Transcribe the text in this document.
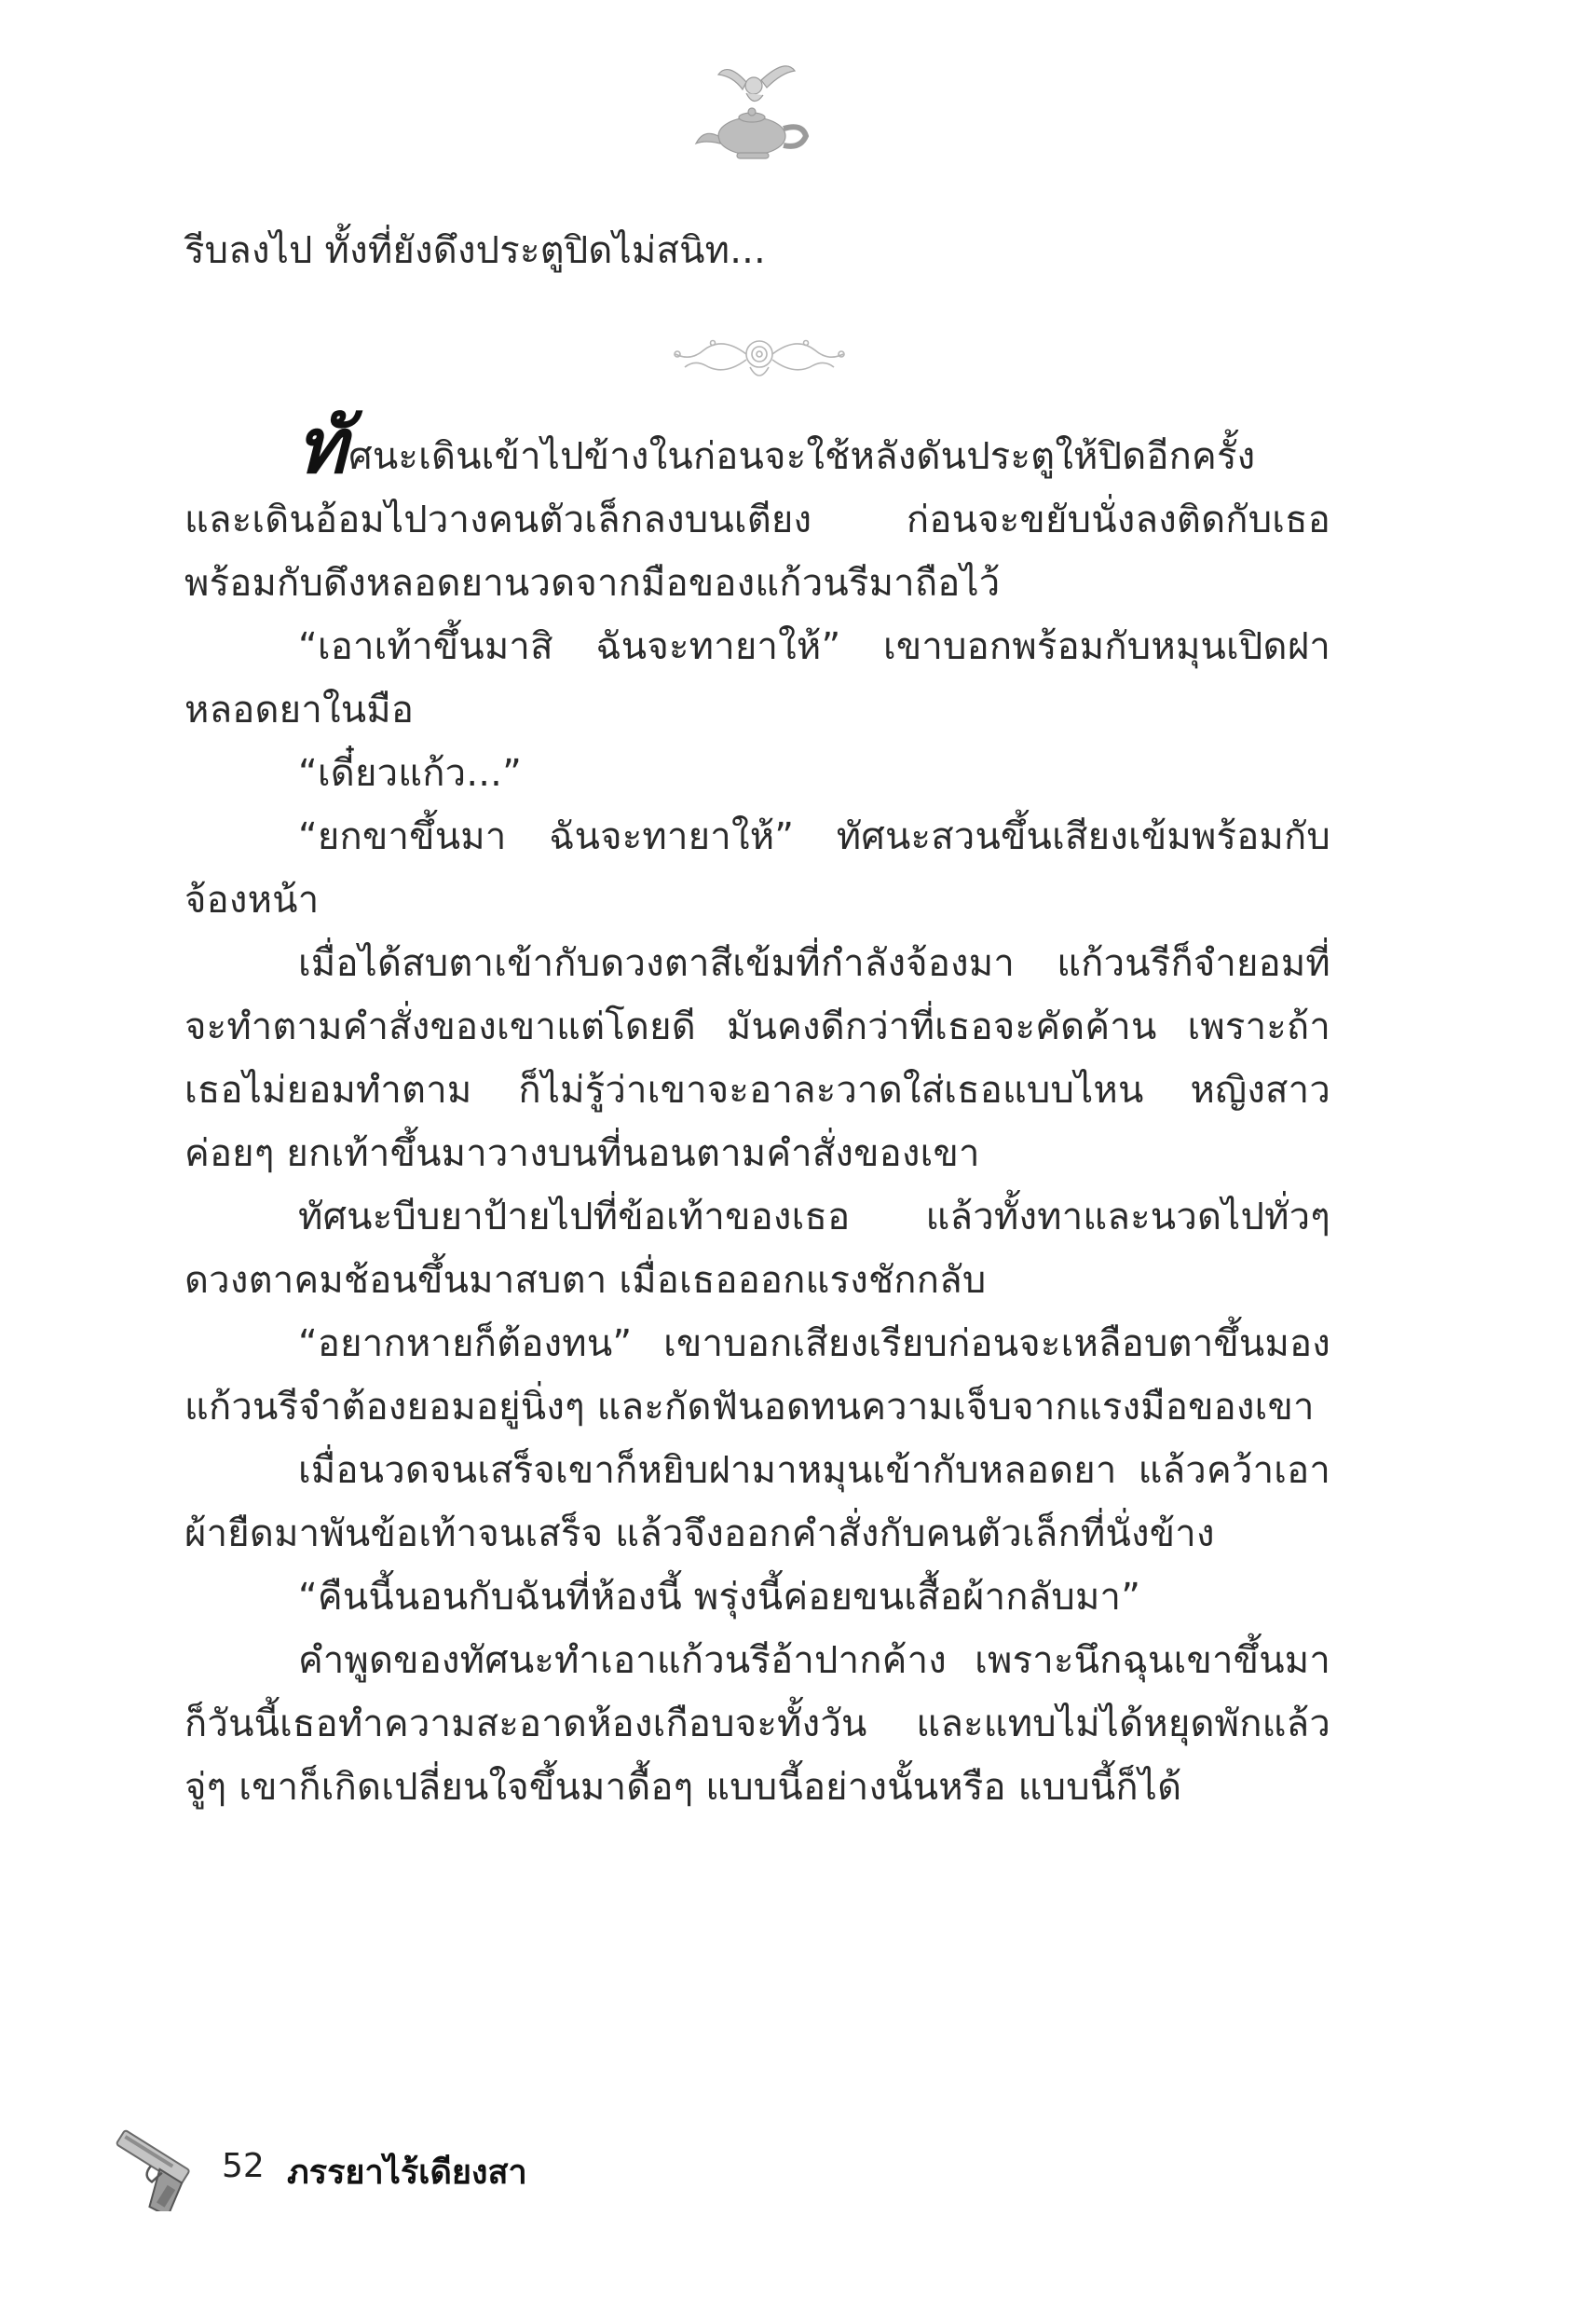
รีบลงไป ทั้งที่ยังดึงประตูปิดไม่สนิท...

ทัศนะเดินเข้าไปข้างในก่อนจะใช้หลังดันประตูให้ปิดอีกครั้ง และเดินอ้อมไปวางคนตัวเล็กลงบนเตียง ก่อนจะขยับนั่งลงติดกับเธอ พร้อมกับดึงหลอดยานวดจากมือของแก้วนรีมาถือไว้

“เอาเท้าขึ้นมาสิ ฉันจะทายาให้” เขาบอกพร้อมกับหมุนเปิดฝาหลอดยาในมือ

“เดี๋ยวแก้ว...”

“ยกขาขึ้นมา ฉันจะทายาให้” ทัศนะสวนขึ้นเสียงเข้มพร้อมกับจ้องหน้า

เมื่อได้สบตาเข้ากับดวงตาสีเข้มที่กำลังจ้องมา แก้วนรีก็จำยอมที่จะทำตามคำสั่งของเขาแต่โดยดี มันคงดีกว่าที่เธอจะคัดค้าน เพราะถ้าเธอไม่ยอมทำตาม ก็ไม่รู้ว่าเขาจะอาละวาดใส่เธอแบบไหน หญิงสาวค่อยๆ ยกเท้าขึ้นมาวางบนที่นอนตามคำสั่งของเขา

ทัศนะบีบยาป้ายไปที่ข้อเท้าของเธอ แล้วทั้งทาและนวดไปทั่วๆ ดวงตาคมช้อนขึ้นมาสบตา เมื่อเธอออกแรงชักกลับ

“อยากหายก็ต้องทน” เขาบอกเสียงเรียบก่อนจะเหลือบตาขึ้นมองแก้วนรีจำต้องยอมอยู่นิ่งๆ และกัดฟันอดทนความเจ็บจากแรงมือของเขา

เมื่อนวดจนเสร็จเขาก็หยิบฝามาหมุนเข้ากับหลอดยา แล้วคว้าเอาผ้ายืดมาพันข้อเท้าจนเสร็จ แล้วจึงออกคำสั่งกับคนตัวเล็กที่นั่งข้าง

“คืนนี้นอนกับฉันที่ห้องนี้ พรุ่งนี้ค่อยขนเสื้อผ้ากลับมา”

คำพูดของทัศนะทำเอาแก้วนรีอ้าปากค้าง เพราะนึกฉุนเขาขึ้นมาก็วันนี้เธอทำความสะอาดห้องเกือบจะทั้งวัน และแทบไม่ได้หยุดพักแล้วจู่ๆ เขาก็เกิดเปลี่ยนใจขึ้นมาดื้อๆ แบบนี้อย่างนั้นหรือ แบบนี้ก็ได้

52 ภรรยาไร้เดียงสา
